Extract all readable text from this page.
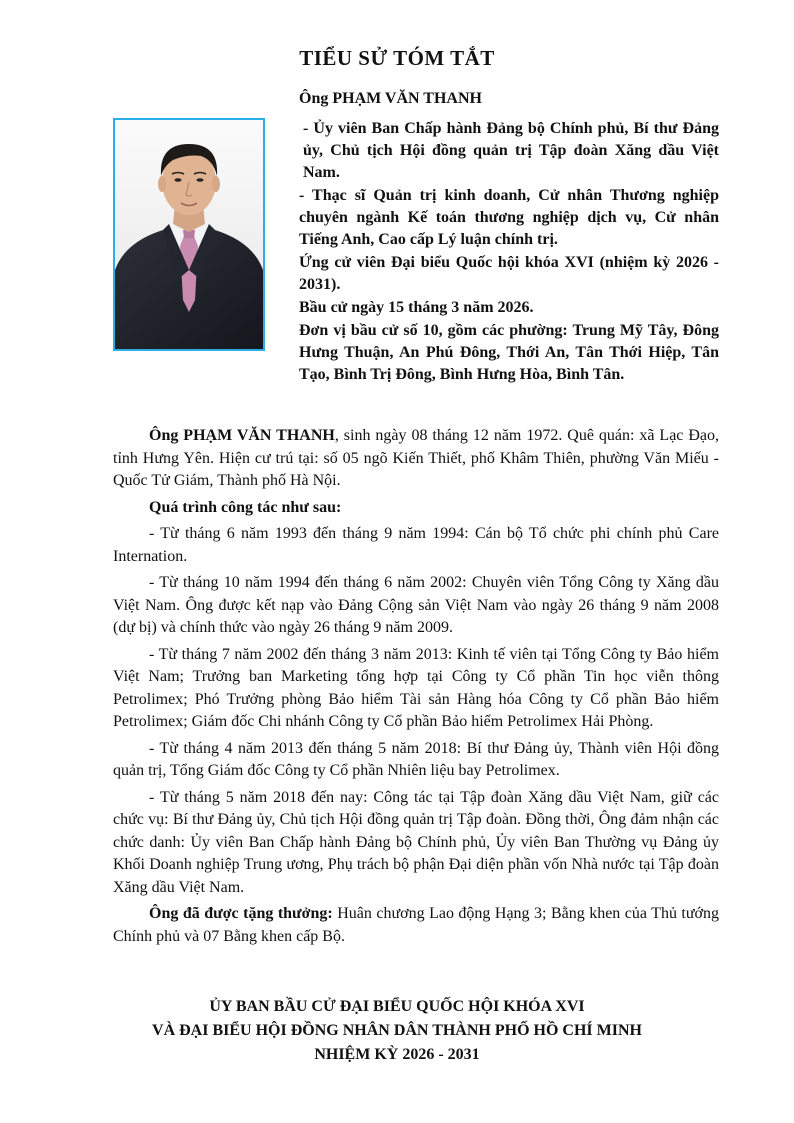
TIỂU SỬ TÓM TẮT
Ông PHẠM VĂN THANH

- Ủy viên Ban Chấp hành Đảng bộ Chính phủ, Bí thư Đảng ủy, Chủ tịch Hội đồng quản trị Tập đoàn Xăng dầu Việt Nam.

- Thạc sĩ Quản trị kinh doanh, Cử nhân Thương nghiệp chuyên ngành Kế toán thương nghiệp dịch vụ, Cử nhân Tiếng Anh, Cao cấp Lý luận chính trị.

Ứng cử viên Đại biểu Quốc hội khóa XVI (nhiệm kỳ 2026 - 2031).

Bầu cử ngày 15 tháng 3 năm 2026.

Đơn vị bầu cử số 10, gồm các phường: Trung Mỹ Tây, Đông Hưng Thuận, An Phú Đông, Thới An, Tân Thới Hiệp, Tân Tạo, Bình Trị Đông, Bình Hưng Hòa, Bình Tân.

Ông PHẠM VĂN THANH, sinh ngày 08 tháng 12 năm 1972. Quê quán: xã Lạc Đạo, tỉnh Hưng Yên. Hiện cư trú tại: số 05 ngõ Kiến Thiết, phố Khâm Thiên, phường Văn Miếu - Quốc Tử Giám, Thành phố Hà Nội.

Quá trình công tác như sau:

- Từ tháng 6 năm 1993 đến tháng 9 năm 1994: Cán bộ Tổ chức phi chính phủ Care Internation.

- Từ tháng 10 năm 1994 đến tháng 6 năm 2002: Chuyên viên Tổng Công ty Xăng dầu Việt Nam. Ông được kết nạp vào Đảng Cộng sản Việt Nam vào ngày 26 tháng 9 năm 2008 (dự bị) và chính thức vào ngày 26 tháng 9 năm 2009.

- Từ tháng 7 năm 2002 đến tháng 3 năm 2013: Kinh tế viên tại Tổng Công ty Bảo hiểm Việt Nam; Trưởng ban Marketing tổng hợp tại Công ty Cổ phần Tin học viễn thông Petrolimex; Phó Trưởng phòng Bảo hiểm Tài sản Hàng hóa Công ty Cổ phần Bảo hiểm Petrolimex; Giám đốc Chi nhánh Công ty Cổ phần Bảo hiểm Petrolimex Hải Phòng.

- Từ tháng 4 năm 2013 đến tháng 5 năm 2018: Bí thư Đảng ủy, Thành viên Hội đồng quản trị, Tổng Giám đốc Công ty Cổ phần Nhiên liệu bay Petrolimex.

- Từ tháng 5 năm 2018 đến nay: Công tác tại Tập đoàn Xăng dầu Việt Nam, giữ các chức vụ: Bí thư Đảng ủy, Chủ tịch Hội đồng quản trị Tập đoàn. Đồng thời, Ông đảm nhận các chức danh: Ủy viên Ban Chấp hành Đảng bộ Chính phủ, Ủy viên Ban Thường vụ Đảng ủy Khối Doanh nghiệp Trung ương, Phụ trách bộ phận Đại diện phần vốn Nhà nước tại Tập đoàn Xăng dầu Việt Nam.

Ông đã được tặng thưởng: Huân chương Lao động Hạng 3; Bằng khen của Thủ tướng Chính phủ và 07 Bằng khen cấp Bộ.

ỦY BAN BẦU CỬ ĐẠI BIỂU QUỐC HỘI KHÓA XVI
VÀ ĐẠI BIỂU HỘI ĐỒNG NHÂN DÂN THÀNH PHỐ HỒ CHÍ MINH
NHIỆM KỲ 2026 - 2031
